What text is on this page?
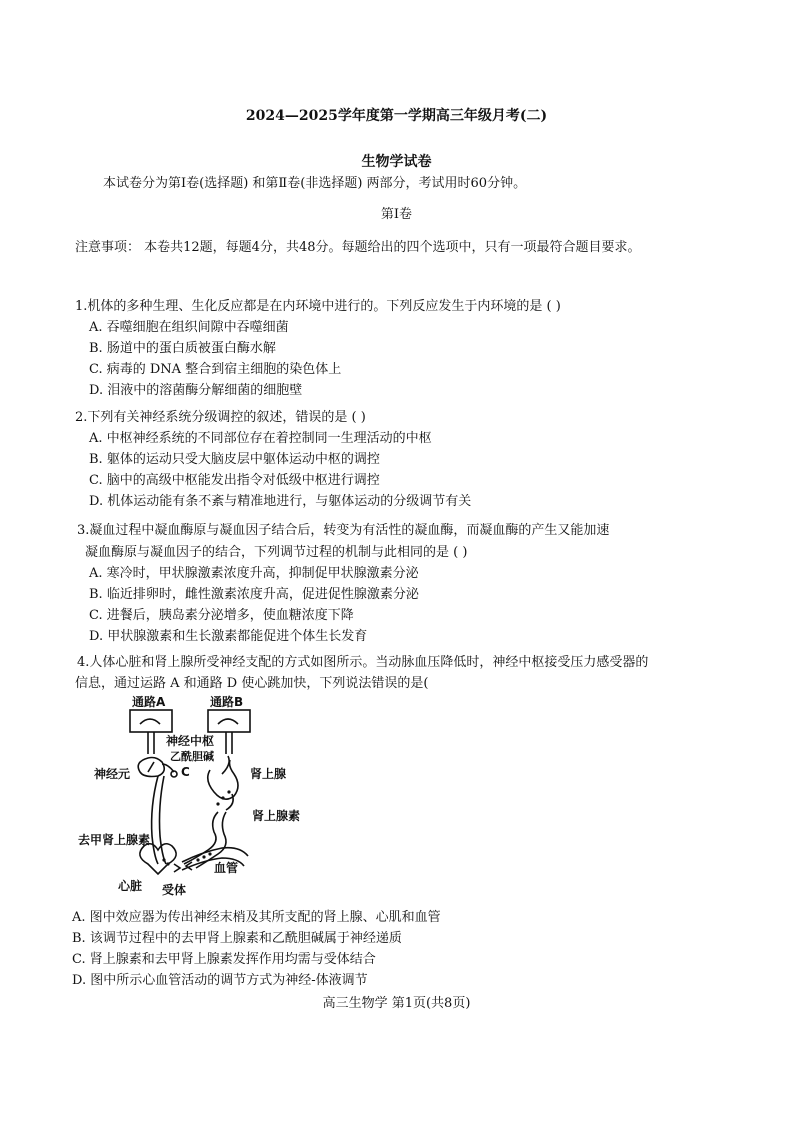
2024—2025学年度第一学期高三年级月考(二)
生物学试卷
本试卷分为第Ⅰ卷(选择题) 和第Ⅱ卷(非选择题) 两部分，考试用时60分钟。
第Ⅰ卷
注意事项： 本卷共12题，每题4分，共48分。每题给出的四个选项中，只有一项最符合题目要求。
1.机体的多种生理、生化反应都是在内环境中进行的。下列反应发生于内环境的是 ( )
A. 吞噬细胞在组织间隙中吞噬细菌
B. 肠道中的蛋白质被蛋白酶水解
C. 病毒的 DNA 整合到宿主细胞的染色体上
D. 泪液中的溶菌酶分解细菌的细胞壁
2.下列有关神经系统分级调控的叙述，错误的是 ( )
A. 中枢神经系统的不同部位存在着控制同一生理活动的中枢
B. 躯体的运动只受大脑皮层中躯体运动中枢的调控
C. 脑中的高级中枢能发出指令对低级中枢进行调控
D. 机体运动能有条不紊与精准地进行，与躯体运动的分级调节有关
3.凝血过程中凝血酶原与凝血因子结合后，转变为有活性的凝血酶，而凝血酶的产生又能加速
凝血酶原与凝血因子的结合，下列调节过程的机制与此相同的是 ( )
A. 寒冷时，甲状腺激素浓度升高，抑制促甲状腺激素分泌
B. 临近排卵时，雌性激素浓度升高，促进促性腺激素分泌
C. 进餐后，胰岛素分泌增多，使血糖浓度下降
D. 甲状腺激素和生长激素都能促进个体生长发育
4.人体心脏和肾上腺所受神经支配的方式如图所示。当动脉血压降低时，神经中枢接受压力感受器的
信息，通过运路 A 和通路 D 使心跳加快，下列说法错误的是(
通路A	通路B
神经中枢
乙酰胆碱
神经元	C	肾上腺
肾上腺素
去甲肾上腺素
心脏 受体
血管
A. 图中效应器为传出神经末梢及其所支配的肾上腺、心肌和血管
B. 该调节过程中的去甲肾上腺素和乙酰胆碱属于神经递质
C. 肾上腺素和去甲肾上腺素发挥作用均需与受体结合
D. 图中所示心血管活动的调节方式为神经-体液调节
高三生物学 第1页(共8页)
